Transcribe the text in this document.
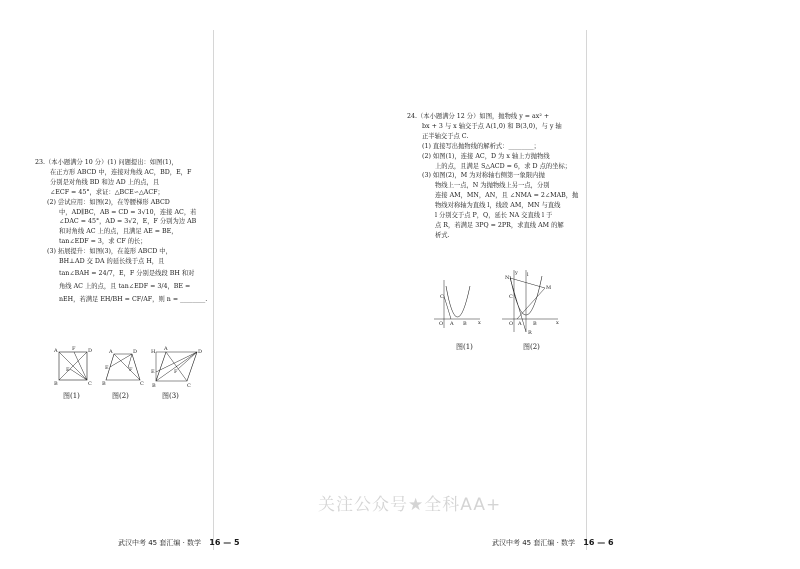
23.（本小题满分 10 分）(1) 问题提出：如图(1)，

在正方形 ABCD 中，连接对角线 AC，BD，E，F

分别是对角线 BD 和边 AD 上的点，且

∠ECF = 45°，求证：△BCE∽△ACF；

(2) 尝试应用：如图(2)，在等腰梯形 ABCD

中，AD∥BC，AB = CD = 3√10，连接 AC，若

∠DAC = 45°，AD = 3√2，E，F 分别为边 AB

和对角线 AC 上的点，且满足 AE = BE，

tan∠EDF = 3，求 CF 的长；

(3) 拓展提升：如图(3)，在菱形 ABCD 中，

BH⊥AD 交 DA 的延长线于点 H，且

tan∠BAH = 24/7，E，F 分别是线段 BH 和对

角线 AC 上的点，且 tan∠EDF = 3/4，BE =

nEH，若满足 EH/BH = CF/AF，则 n = ________.

A	D
E
F
B	C
A	D
F
E
B	C
H A	D
E	F
B	C
图(1)	图(2)	图(3)

24.（本小题满分 12 分）如图，抛物线 y = ax² +

bx + 3 与 x 轴交于点 A(1,0) 和 B(3,0)，与 y 轴

正半轴交于点 C.

(1) 直接写出抛物线的解析式：________；

(2) 如图(1)，连接 AC，D 为 x 轴上方抛物线

上的点，且满足 S△ACD = 6，求 D 点的坐标；

(3) 如图(2)，M 为对称轴右侧第一象限内抛

物线上一点，N 为抛物线上另一点，分别

连接 AM，MN，AN，且 ∠NMA = 2∠MAB，抛

物线对称轴为直线 l，线段 AM，MN 与直线

l 分别交于点 P，Q，延长 NA 交直线 l 于

点 R，若满足 3PQ = 2PR，求直线 AM 的解

析式.

C
O A B x
y
N
C
M
O A B	x
l
R
图(1)	图(2)
关注公众号★全科AA+
武汉中考 45 套汇编 · 数学 16 — 5	武汉中考 45 套汇编 · 数学 16 — 6
